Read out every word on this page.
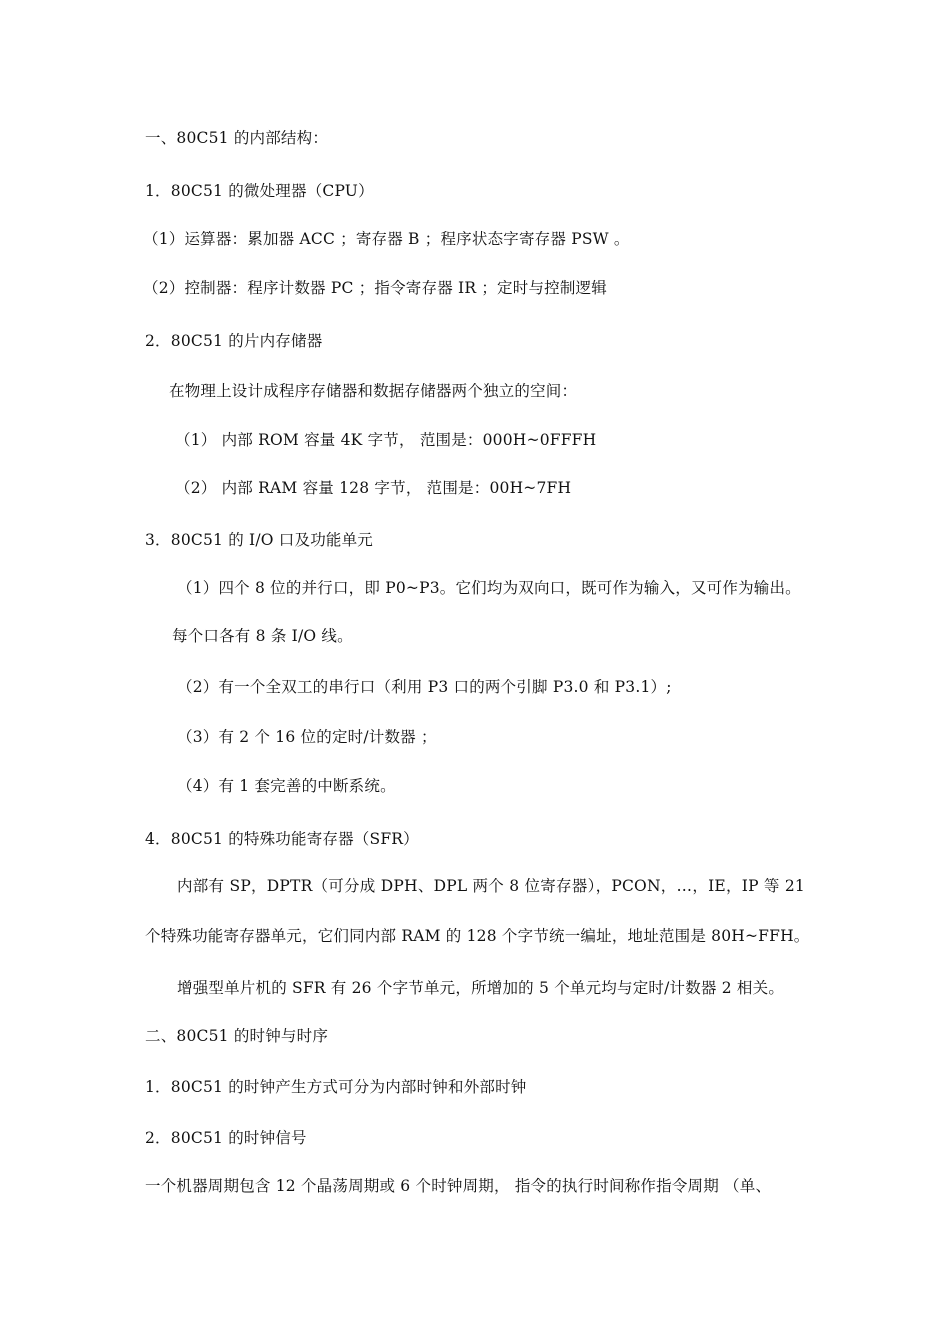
一、80C51 的内部结构：
1．80C51 的微处理器（CPU）
（1）运算器：累加器 ACC ；寄存器 B ；程序状态字寄存器 PSW 。
（2）控制器：程序计数器 PC ；指令寄存器 IR ；定时与控制逻辑
2．80C51 的片内存储器
在物理上设计成程序存储器和数据存储器两个独立的空间：
（1） 内部 ROM 容量 4K 字节， 范围是：000H~0FFFH
（2） 内部 RAM 容量 128 字节， 范围是：00H~7FH
3．80C51 的 I/O 口及功能单元
（1）四个 8 位的并行口，即 P0~P3。它们均为双向口，既可作为输入，又可作为输出。
每个口各有 8 条 I/O 线。
（2）有一个全双工的串行口（利用 P3 口的两个引脚 P3.0 和 P3.1）;
（3）有 2 个 16 位的定时/计数器 ；
（4）有 1 套完善的中断系统。
4．80C51 的特殊功能寄存器（SFR）
内部有 SP，DPTR（可分成 DPH、DPL 两个 8 位寄存器），PCON，…，IE，IP 等 21
个特殊功能寄存器单元，它们同内部 RAM 的 128 个字节统一编址，地址范围是 80H~FFH。
增强型单片机的 SFR 有 26 个字节单元，所增加的 5 个单元均与定时/计数器 2 相关。
二、80C51 的时钟与时序
1．80C51 的时钟产生方式可分为内部时钟和外部时钟
2．80C51 的时钟信号
一个机器周期包含 12 个晶荡周期或 6 个时钟周期， 指令的执行时间称作指令周期 （单、
